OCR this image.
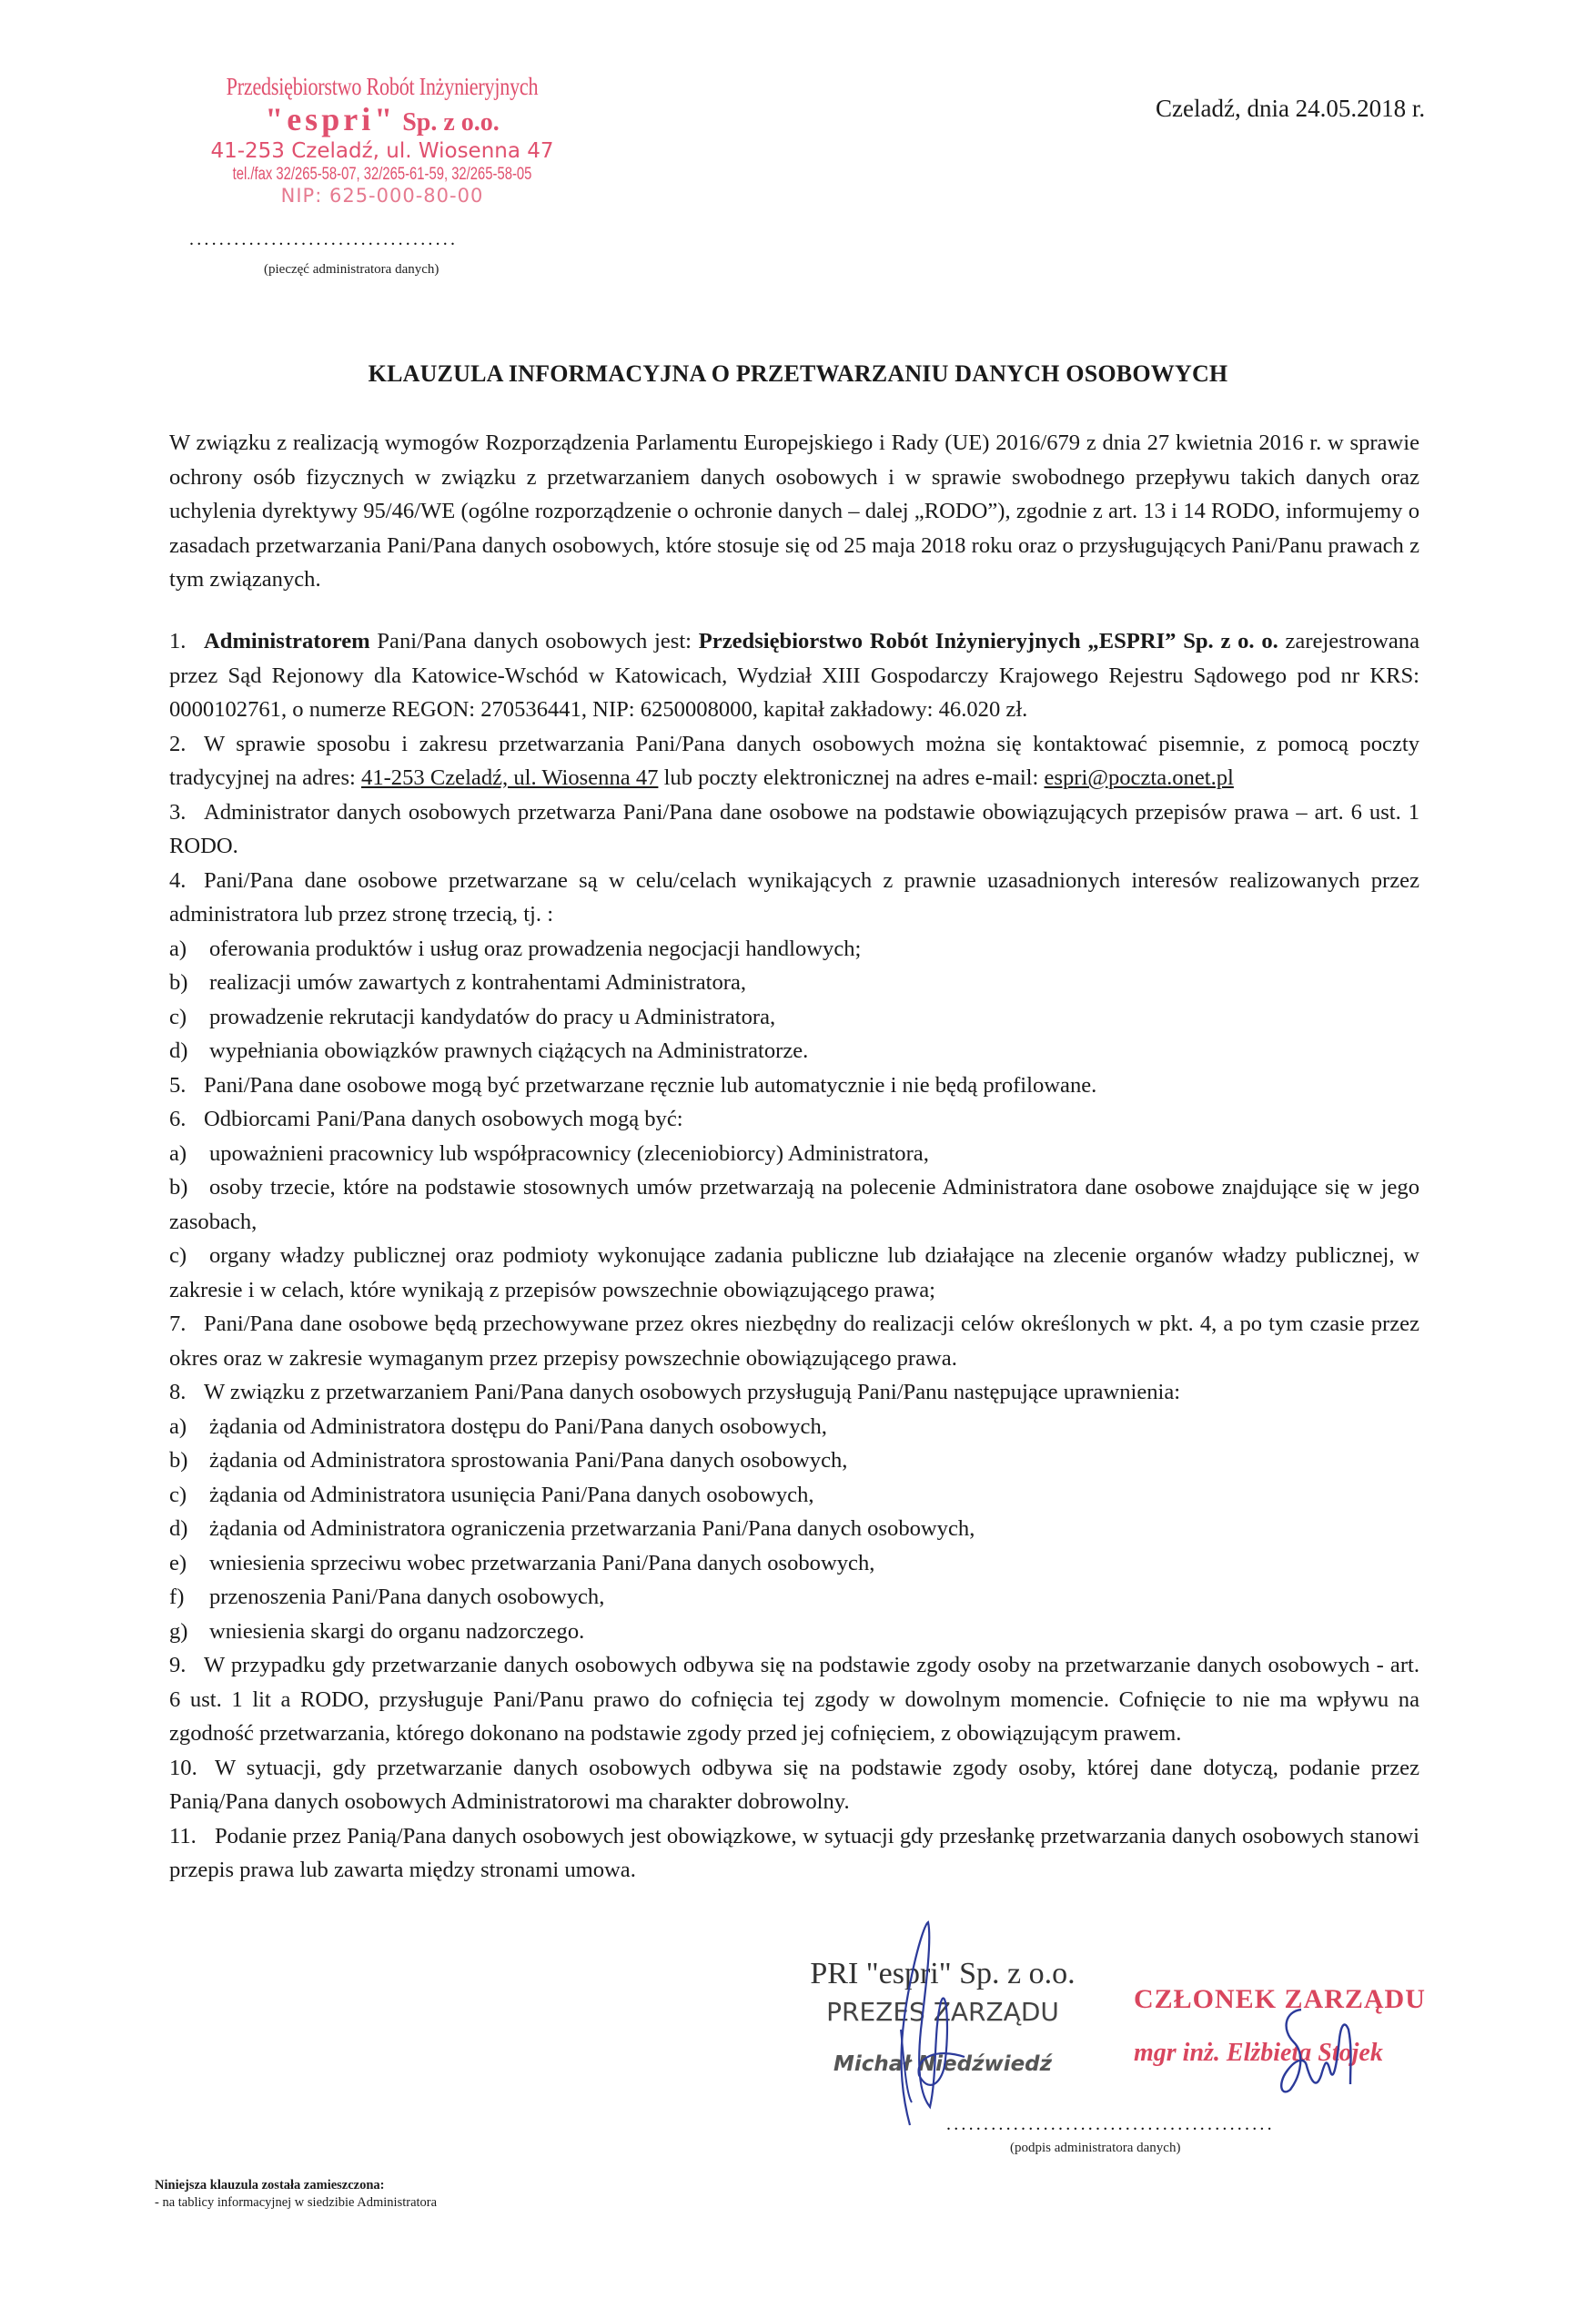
Przedsiębiorstwo Robót Inżynieryjnych
"espri" Sp. z o.o.
41-253 Czeladź, ul. Wiosenna 47
tel./fax 32/265-58-07, 32/265-61-59, 32/265-58-05
NIP: 625-000-80-00
....................................
(pieczęć administratora danych)
Czeladź, dnia 24.05.2018 r.
KLAUZULA INFORMACYJNA O PRZETWARZANIU DANYCH OSOBOWYCH

W związku z realizacją wymogów Rozporządzenia Parlamentu Europejskiego i Rady (UE) 2016/679 z dnia 27 kwietnia 2016 r. w sprawie ochrony osób fizycznych w związku z przetwarzaniem danych osobowych i w sprawie swobodnego przepływu takich danych oraz uchylenia dyrektywy 95/46/WE (ogólne rozporządzenie o ochronie danych – dalej „RODO”), zgodnie z art. 13 i 14 RODO, informujemy o zasadach przetwarzania Pani/Pana danych osobowych, które stosuje się od 25 maja 2018 roku oraz o przysługujących Pani/Panu prawach z tym związanych.

1. Administratorem Pani/Pana danych osobowych jest: Przedsiębiorstwo Robót Inżynieryjnych „ESPRI” Sp. z o. o. zarejestrowana przez Sąd Rejonowy dla Katowice-Wschód w Katowicach, Wydział XIII Gospodarczy Krajowego Rejestru Sądowego pod nr KRS: 0000102761, o numerze REGON: 270536441, NIP: 6250008000, kapitał zakładowy: 46.020 zł.

2. W sprawie sposobu i zakresu przetwarzania Pani/Pana danych osobowych można się kontaktować pisemnie, z pomocą poczty tradycyjnej na adres: 41-253 Czeladź, ul. Wiosenna 47 lub poczty elektronicznej na adres e-mail: espri@poczta.onet.pl

3. Administrator danych osobowych przetwarza Pani/Pana dane osobowe na podstawie obowiązujących przepisów prawa – art. 6 ust. 1 RODO.

4. Pani/Pana dane osobowe przetwarzane są w celu/celach wynikających z prawnie uzasadnionych interesów realizowanych przez administratora lub przez stronę trzecią, tj. :

a)	oferowania produktów i usług oraz prowadzenia negocjacji handlowych;
b) realizacji umów zawartych z kontrahentami Administratora,
c)	prowadzenie rekrutacji kandydatów do pracy u Administratora,
d) wypełniania obowiązków prawnych ciążących na Administratorze.

5. Pani/Pana dane osobowe mogą być przetwarzane ręcznie lub automatycznie i nie będą profilowane.

6. Odbiorcami Pani/Pana danych osobowych mogą być:

a)	upoważnieni pracownicy lub współpracownicy (zleceniobiorcy) Administratora,

b) osoby trzecie, które na podstawie stosownych umów przetwarzają na polecenie Administratora dane osobowe znajdujące się w jego zasobach,

c) organy władzy publicznej oraz podmioty wykonujące zadania publiczne lub działające na zlecenie organów władzy publicznej, w zakresie i w celach, które wynikają z przepisów powszechnie obowiązującego prawa;

7. Pani/Pana dane osobowe będą przechowywane przez okres niezbędny do realizacji celów określonych w pkt. 4, a po tym czasie przez okres oraz w zakresie wymaganym przez przepisy powszechnie obowiązującego prawa.

8. W związku z przetwarzaniem Pani/Pana danych osobowych przysługują Pani/Panu następujące uprawnienia:

a)	żądania od Administratora dostępu do Pani/Pana danych osobowych,
b) żądania od Administratora sprostowania Pani/Pana danych osobowych,
c)	żądania od Administratora usunięcia Pani/Pana danych osobowych,
d) żądania od Administratora ograniczenia przetwarzania Pani/Pana danych osobowych,
e)	wniesienia sprzeciwu wobec przetwarzania Pani/Pana danych osobowych,
f)	przenoszenia Pani/Pana danych osobowych,
g) wniesienia skargi do organu nadzorczego.

9. W przypadku gdy przetwarzanie danych osobowych odbywa się na podstawie zgody osoby na przetwarzanie danych osobowych - art. 6 ust. 1 lit a RODO, przysługuje Pani/Panu prawo do cofnięcia tej zgody w dowolnym momencie. Cofnięcie to nie ma wpływu na zgodność przetwarzania, którego dokonano na podstawie zgody przed jej cofnięciem, z obowiązującym prawem.

10. W sytuacji, gdy przetwarzanie danych osobowych odbywa się na podstawie zgody osoby, której dane dotyczą, podanie przez Panią/Pana danych osobowych Administratorowi ma charakter dobrowolny.

11. Podanie przez Panią/Pana danych osobowych jest obowiązkowe, w sytuacji gdy przesłankę przetwarzania danych osobowych stanowi przepis prawa lub zawarta między stronami umowa.

PRI "espri" Sp. z o.o.
PREZES ZARZĄDU
Michał Niedźwiedź
CZŁONEK ZARZĄDU
mgr inż. Elżbieta Stojek
............................................
(podpis administratora danych)
Niniejsza klauzula została zamieszczona:
- na tablicy informacyjnej w siedzibie Administratora
